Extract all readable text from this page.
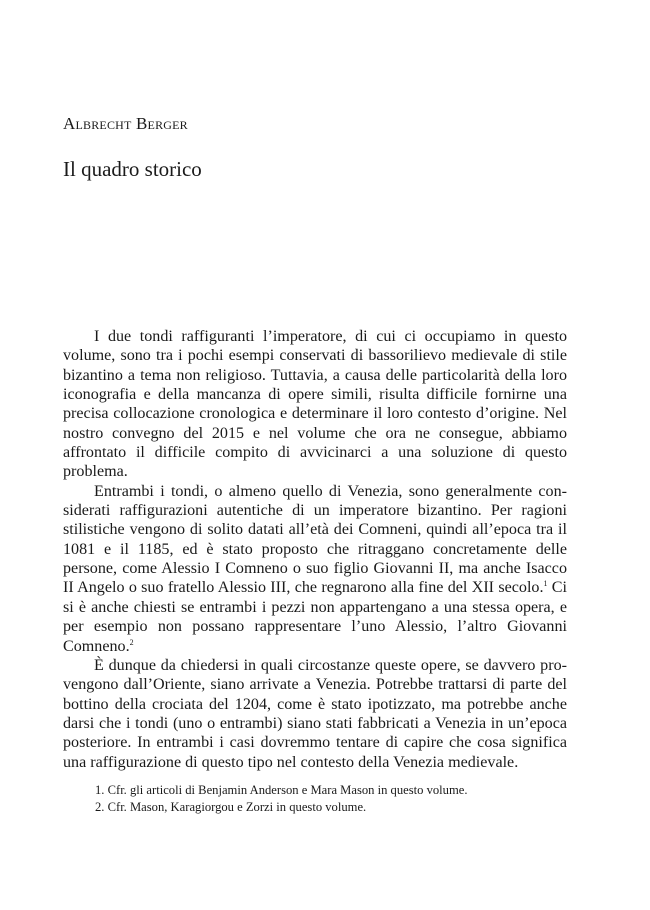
Albrecht Berger
Il quadro storico

I due tondi raffiguranti l’imperatore, di cui ci occupiamo in questo volume, sono tra i pochi esempi conservati di bassorilievo medievale di stile bizantino a tema non religioso. Tuttavia, a causa delle particolarità della loro iconografia e della mancanza di opere simili, risulta difficile fornirne una precisa collocazione cronologica e determinare il loro contesto d’origine. Nel nostro convegno del 2015 e nel volume che ora ne consegue, abbiamo affrontato il difficile compito di avvicinarci a una soluzione di questo problema.

Entrambi i tondi, o almeno quello di Venezia, sono generalmente considerati raffigurazioni autentiche di un imperatore bizantino. Per ragioni stilistiche vengono di solito datati all’età dei Comneni, quindi all’epoca tra il 1081 e il 1185, ed è stato proposto che ritraggano concretamente delle persone, come Alessio I Comneno o suo figlio Giovanni II, ma anche Isacco II Angelo o suo fratello Alessio III, che regnarono alla fine del XII secolo.$^1$ Ci si è anche chiesti se entrambi i pezzi non appartengano a una stessa opera, e per esempio non possano rappresentare l’uno Alessio, l’altro Giovanni Comneno.$^2$

È dunque da chiedersi in quali circostanze queste opere, se davvero provengono dall’Oriente, siano arrivate a Venezia. Potrebbe trattarsi di parte del bottino della crociata del 1204, come è stato ipotizzato, ma potrebbe anche darsi che i tondi (uno o entrambi) siano stati fabbricati a Venezia in un’epoca posteriore. In entrambi i casi dovremmo tentare di capire che cosa significa una raffigurazione di questo tipo nel contesto della Venezia medievale.

1. Cfr. gli articoli di Benjamin Anderson e Mara Mason in questo volume.
2. Cfr. Mason, Karagiorgou e Zorzi in questo volume.
